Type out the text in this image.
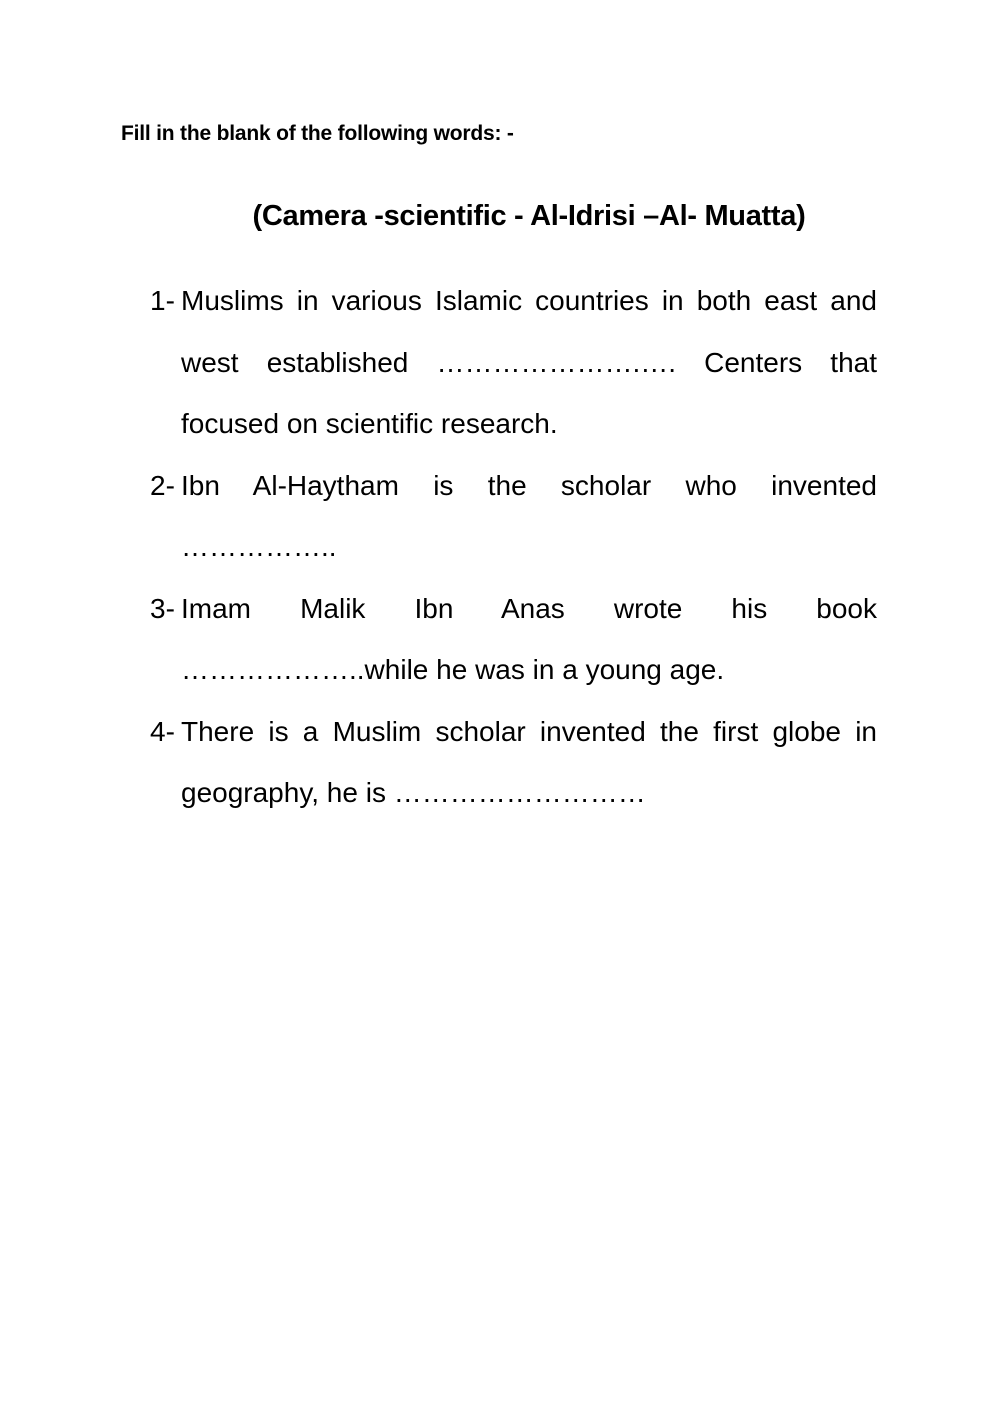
Fill in the blank of the following words: -
(Camera -scientific - Al-Idrisi –Al- Muatta)
1- Muslims in various Islamic countries in both east and west established ………………….…. Centers that focused on scientific research.
2- Ibn Al-Haytham is the scholar who invented ……………..
3- Imam Malik Ibn Anas wrote his book ………………..while he was in a young age.
4- There is a Muslim scholar invented the first globe in geography, he is ………………………
